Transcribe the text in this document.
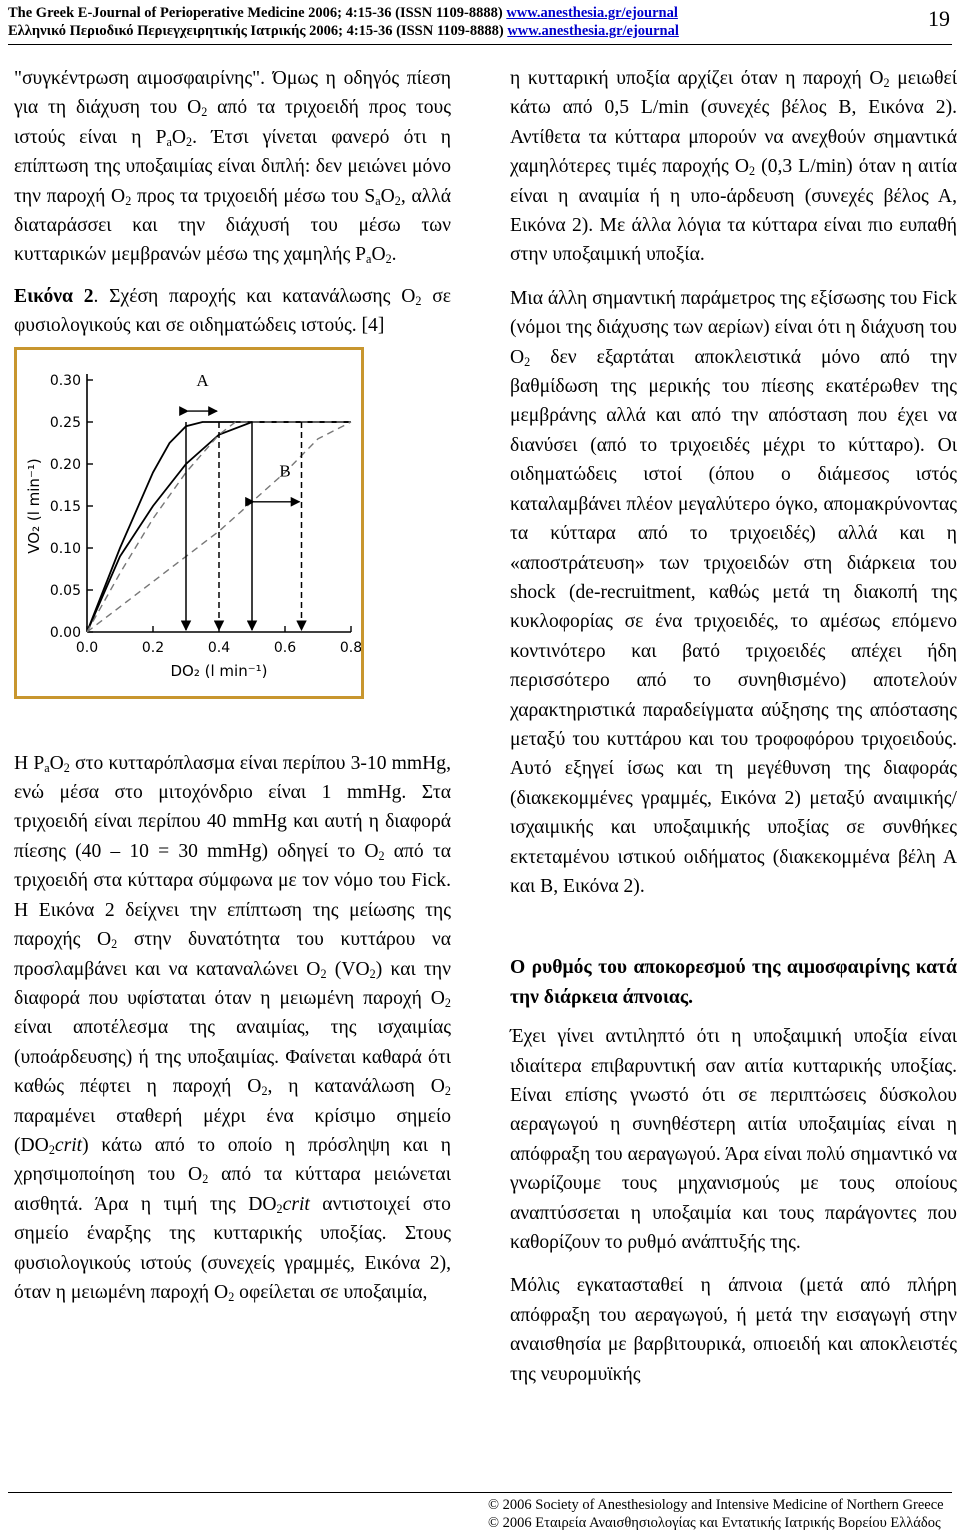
The Greek E-Journal of Perioperative Medicine 2006; 4:15-36 (ISSN 1109-8888) www.anesthesia.gr/ejournal
Ελληνικό Περιοδικό Περιεγχειρητικής Ιατρικής 2006; 4:15-36 (ISSN 1109-8888) www.anesthesia.gr/ejournal	19

"συγκέντρωση αιμοσφαιρίνης". Όμως η οδηγός πίεση για τη διάχυση του $O_2$ από τα τριχοειδή προς τους ιστούς είναι η $P_aO_2$. Έτσι γίνεται φανερό ότι η επίπτωση της υποξαιμίας είναι διπλή: δεν μειώνει μόνο την παροχή $O_2$ προς τα τριχοειδή μέσω του $S_aO_2$, αλλά διαταράσσει και την διάχυσή του μέσω των κυτταρικών μεμβρανών μέσω της χαμηλής $P_aO_2$.

Εικόνα 2. Σχέση παροχής και κατανάλωσης $O_2$ σε φυσιολογικούς και σε οιδηματώδεις ιστούς. [4]

0.00
0.05
0.10
0.15
0.20
0.25
0.30
0.0	0.2	0.4	0.6	0.8
DO₂ (l min⁻¹)
VO₂ (l min⁻¹)
A
B

Η $P_aO_2$ στο κυτταρόπλασμα είναι περίπου 3-10 mmHg, ενώ μέσα στο μιτοχόνδριο είναι 1 mmHg. Στα τριχοειδή είναι περίπου 40 mmHg και αυτή η διαφορά πίεσης (40 – 10 = 30 mmHg) οδηγεί το $O_2$ από τα τριχοειδή στα κύτταρα σύμφωνα με τον νόμο του Fick. Η Εικόνα 2 δείχνει την επίπτωση της μείωσης της παροχής $O_2$ στην δυνατότητα του κυττάρου να προσλαμβάνει και να καταναλώνει $O_2$ $(VO_2)$ και την διαφορά που υφίσταται όταν η μειωμένη παροχή $O_2$ είναι αποτέλεσμα της αναιμίας, της ισχαιμίας (υποάρδευσης) ή της υποξαιμίας. Φαίνεται καθαρά ότι καθώς πέφτει η παροχή $O_2$, η κατανάλωση $O_2$ παραμένει σταθερή μέχρι ένα κρίσιμο σημείο $(DO_2crit)$ κάτω από το οποίο η πρόσληψη και η χρησιμοποίηση του $O_2$ από τα κύτταρα μειώνεται αισθητά. Άρα η τιμή της $DO_2crit$ αντιστοιχεί στο σημείο έναρξης της κυτταρικής υποξίας. Στους φυσιολογικούς ιστούς (συνεχείς γραμμές, Εικόνα 2), όταν η μειωμένη παροχή $O_2$ οφείλεται σε υποξαιμία,

η κυτταρική υποξία αρχίζει όταν η παροχή $O_2$ μειωθεί κάτω από 0,5 L/min (συνεχές βέλος Β, Εικόνα 2). Αντίθετα τα κύτταρα μπορούν να ανεχθούν σημαντικά χαμηλότερες τιμές παροχής $O_2$ (0,3 L/min) όταν η αιτία είναι η αναιμία ή η υπο-άρδευση (συνεχές βέλος Α, Εικόνα 2). Με άλλα λόγια τα κύτταρα είναι πιο ευπαθή στην υποξαιμική υποξία.

Μια άλλη σημαντική παράμετρος της εξίσωσης του Fick (νόμοι της διάχυσης των αερίων) είναι ότι η διάχυση του $O_2$ δεν εξαρτάται αποκλειστικά μόνο από την βαθμίδωση της μερικής του πίεσης εκατέρωθεν της μεμβράνης αλλά και από την απόσταση που έχει να διανύσει (από το τριχοειδές μέχρι το κύτταρο). Οι οιδηματώδεις ιστοί (όπου ο διάμεσος ιστός καταλαμβάνει πλέον μεγαλύτερο όγκο, απομακρύνοντας τα κύτταρα από το τριχοειδές) αλλά και η «αποστράτευση» των τριχοειδών στη διάρκεια του shock (de-recruitment, καθώς μετά τη διακοπή της κυκλοφορίας σε ένα τριχοειδές, το αμέσως επόμενο κοντινότερο και βατό τριχοειδές απέχει ήδη περισσότερο από το συνηθισμένο) αποτελούν χαρακτηριστικά παραδείγματα αύξησης της απόστασης μεταξύ του κυττάρου και του τροφοφόρου τριχοειδούς. Αυτό εξηγεί ίσως και τη μεγέθυνση της διαφοράς (διακεκομμένες γραμμές, Εικόνα 2) μεταξύ αναιμικής/ισχαιμικής και υποξαιμικής υποξίας σε συνθήκες εκτεταμένου ιστικού οιδήματος (διακεκομμένα βέλη Α και Β, Εικόνα 2).

Ο ρυθμός του αποκορεσμού της αιμοσφαιρίνης κατά την διάρκεια άπνοιας.

Έχει γίνει αντιληπτό ότι η υποξαιμική υποξία είναι ιδιαίτερα επιβαρυντική σαν αιτία κυτταρικής υποξίας. Είναι επίσης γνωστό ότι σε περιπτώσεις δύσκολου αεραγωγού η συνηθέστερη αιτία υποξαιμίας είναι η απόφραξη του αεραγωγού. Άρα είναι πολύ σημαντικό να γνωρίζουμε τους μηχανισμούς με τους οποίους αναπτύσσεται η υποξαιμία και τους παράγοντες που καθορίζουν το ρυθμό ανάπτυξής της.

Μόλις εγκατασταθεί η άπνοια (μετά από πλήρη απόφραξη του αεραγωγού, ή μετά την εισαγωγή στην αναισθησία με βαρβιτουρικά, οπιοειδή και αποκλειστές της νευρομυϊκής

© 2006 Society of Anesthesiology and Intensive Medicine of Northern Greece
© 2006 Εταιρεία Αναισθησιολογίας και Εντατικής Ιατρικής Βορείου Ελλάδος
